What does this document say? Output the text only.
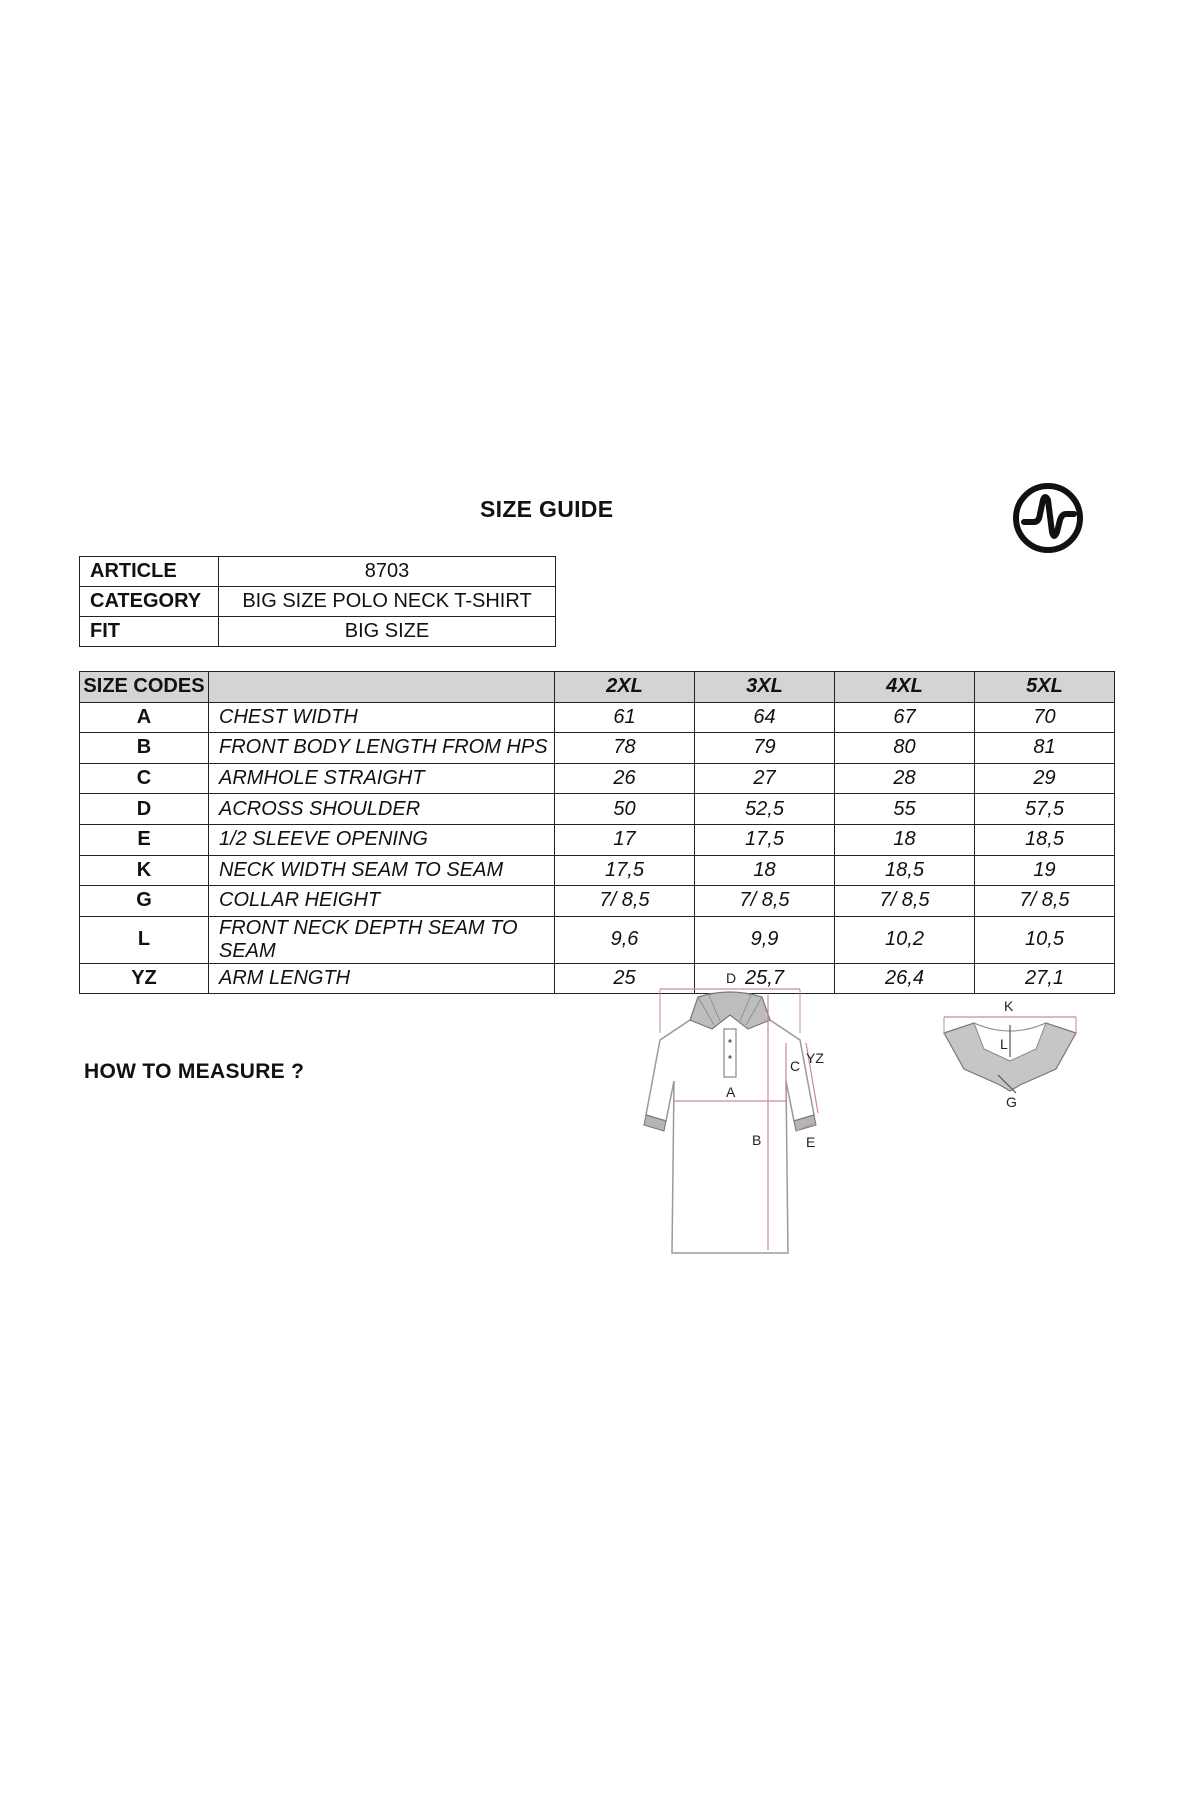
SIZE GUIDE
ARTICLE	8703
CATEGORY	BIG SIZE POLO NECK T-SHIRT
FIT	BIG SIZE
SIZE CODES		2XL	3XL	4XL	5XL
A	CHEST WIDTH	61	64	67	70
B	FRONT BODY LENGTH FROM HPS	78	79	80	81
C	ARMHOLE STRAIGHT	26	27	28	29
D	ACROSS SHOULDER	50	52,5	55	57,5
E	1/2 SLEEVE OPENING	17	17,5	18	18,5
K	NECK WIDTH SEAM TO SEAM	17,5	18	18,5	19
G	COLLAR HEIGHT	7/ 8,5	7/ 8,5	7/ 8,5	7/ 8,5
L	FRONT NECK DEPTH SEAM TO SEAM	9,6	9,9	10,2	10,5
YZ	ARM LENGTH	25	25,7	26,4	27,1
HOW TO MEASURE ?
D
A
B
C YZ
E
K
L
G
